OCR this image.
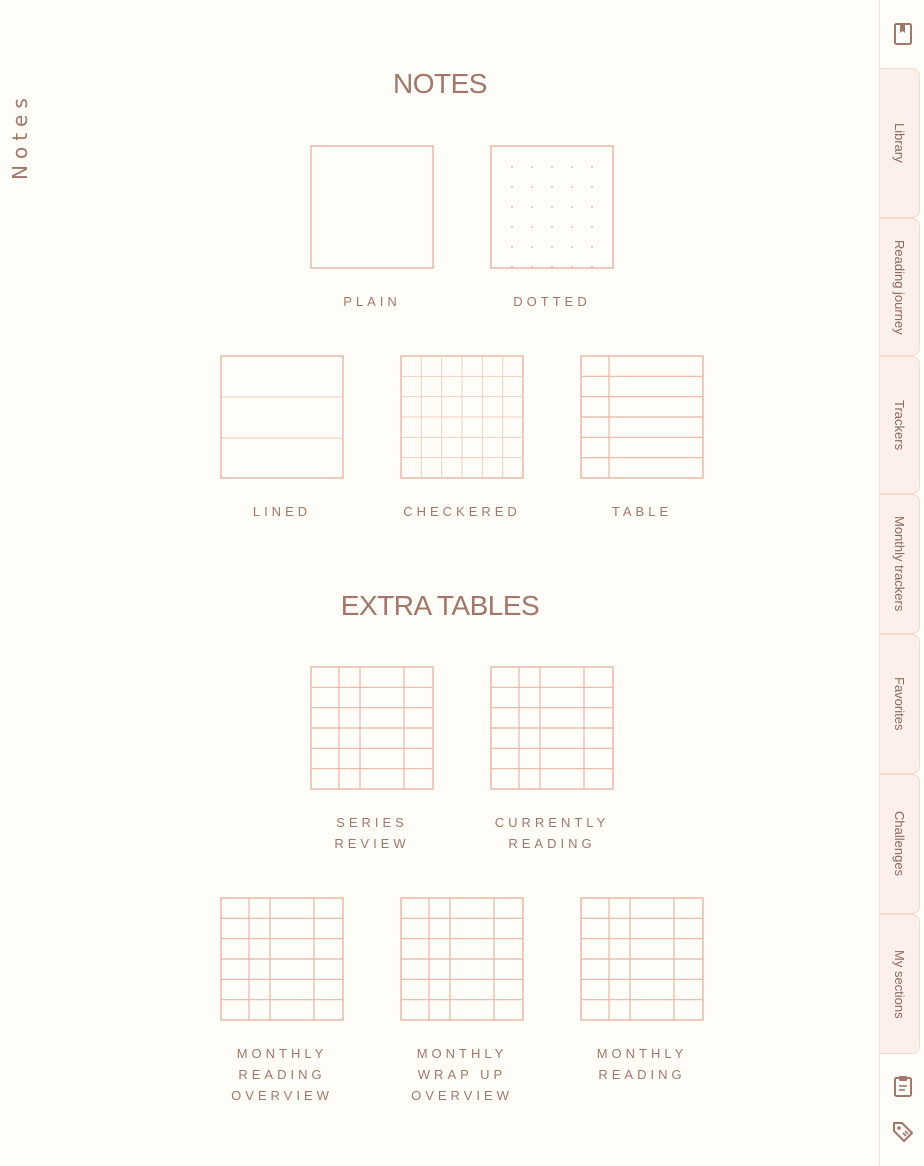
Notes
NOTES
EXTRA TABLES
PLAIN	DOTTED
LINED	CHECKERED	TABLE
SERIES
REVIEW
CURRENTLY
READING
MONTHLY
READING
OVERVIEW
MONTHLY
WRAP UP
OVERVIEW
MONTHLY
READING
Library
Reading journey
Trackers
Monthly trackers
Favorites
Challenges
My sections
